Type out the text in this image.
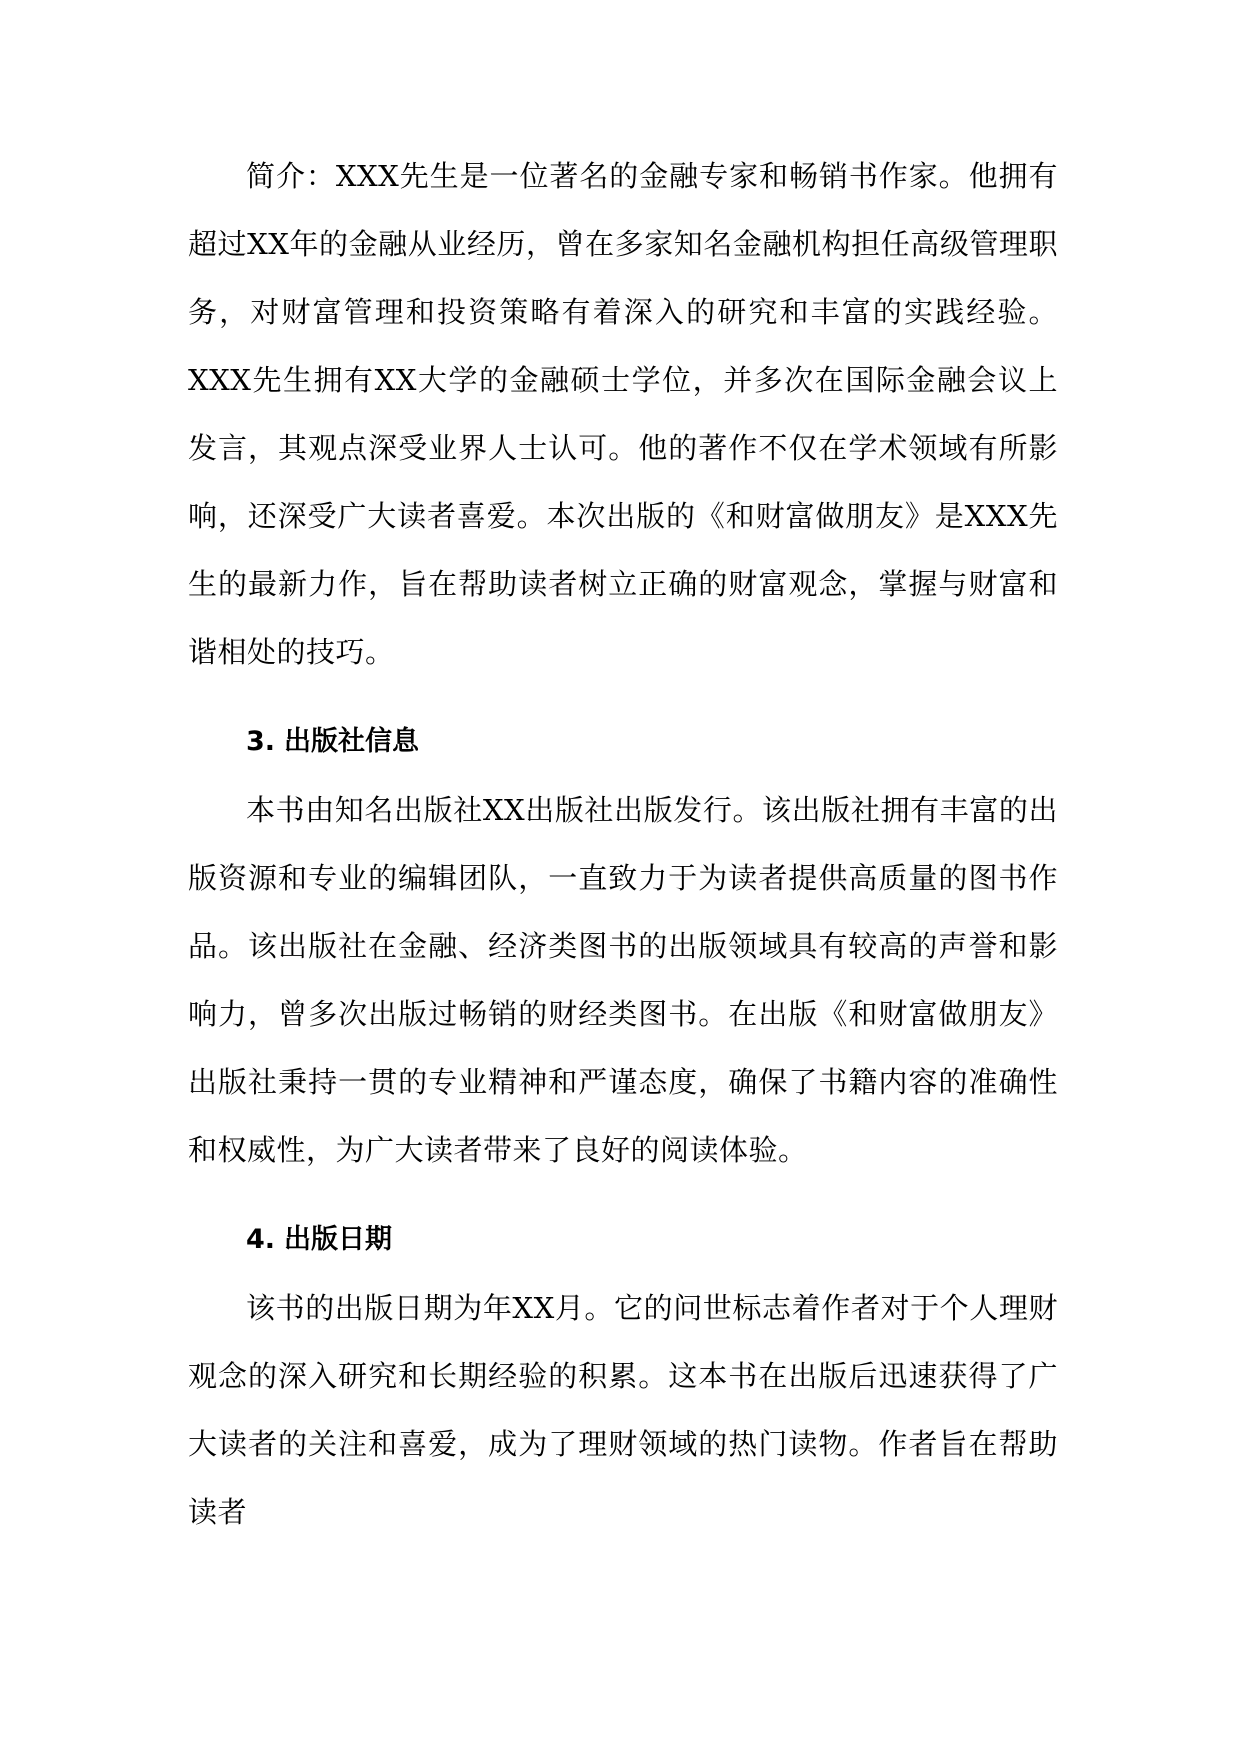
简介：XXX先生是一位著名的金融专家和畅销书作家。他拥有超过XX年的金融从业经历，曾在多家知名金融机构担任高级管理职务，对财富管理和投资策略有着深入的研究和丰富的实践经验。XXX先生拥有XX大学的金融硕士学位，并多次在国际金融会议上发言，其观点深受业界人士认可。他的著作不仅在学术领域有所影响，还深受广大读者喜爱。本次出版的《和财富做朋友》是XXX先生的最新力作，旨在帮助读者树立正确的财富观念，掌握与财富和谐相处的技巧。

3. 出版社信息

本书由知名出版社XX出版社出版发行。该出版社拥有丰富的出版资源和专业的编辑团队，一直致力于为读者提供高质量的图书作品。该出版社在金融、经济类图书的出版领域具有较高的声誉和影响力，曾多次出版过畅销的财经类图书。在出版《和财富做朋友》出版社秉持一贯的专业精神和严谨态度，确保了书籍内容的准确性和权威性，为广大读者带来了良好的阅读体验。

4. 出版日期

该书的出版日期为年XX月。它的问世标志着作者对于个人理财观念的深入研究和长期经验的积累。这本书在出版后迅速获得了广大读者的关注和喜爱，成为了理财领域的热门读物。作者旨在帮助读者
